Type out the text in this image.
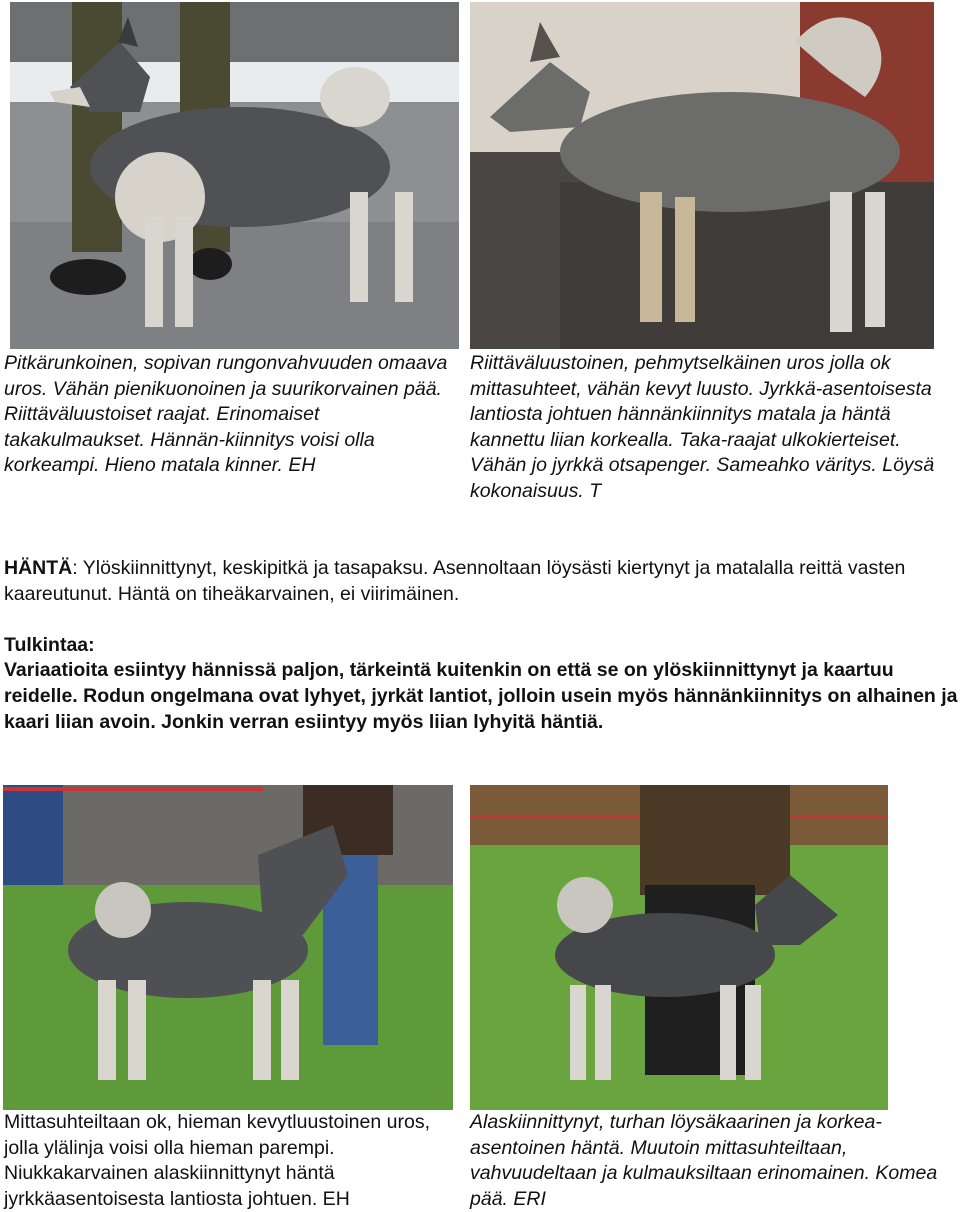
Pitkärunkoinen, sopivan rungonvahvuuden omaava uros. Vähän pienikuonoinen ja suurikorvainen pää. Riittäväluustoiset raajat. Erinomaiset takakulmaukset. Hännän-kiinnitys voisi olla korkeampi. Hieno matala kinner. EH
Riittäväluustoinen, pehmytselkäinen uros jolla ok mittasuhteet, vähän kevyt luusto. Jyrkkä-asentoisesta lantiosta johtuen hännänkiinnitys matala ja häntä kannettu liian korkealla. Taka-raajat ulkokierteiset. Vähän jo jyrkkä otsapenger. Sameahko väritys. Löysä kokonaisuus. T
HÄNTÄ: Ylöskiinnittynyt, keskipitkä ja tasapaksu. Asennoltaan löysästi kiertynyt ja matalalla reittä vasten kaareutunut. Häntä on tiheäkarvainen, ei viirimäinen.
Tulkintaa:
Variaatioita esiintyy hännissä paljon, tärkeintä kuitenkin on että se on ylöskiinnittynyt ja kaartuu reidelle. Rodun ongelmana ovat lyhyet, jyrkät lantiot, jolloin usein myös hännänkiinnitys on alhainen ja kaari liian avoin. Jonkin verran esiintyy myös liian lyhyitä häntiä.
Mittasuhteiltaan ok, hieman kevytluustoinen uros, jolla ylälinja voisi olla hieman parempi. Niukkakarvainen alaskiinnittynyt häntä jyrkkäasentoisesta lantiosta johtuen. EH
Alaskiinnittynyt, turhan löysäkaarinen ja korkea-asentoinen häntä. Muutoin mittasuhteiltaan, vahvuudeltaan ja kulmauksiltaan erinomainen. Komea pää. ERI
